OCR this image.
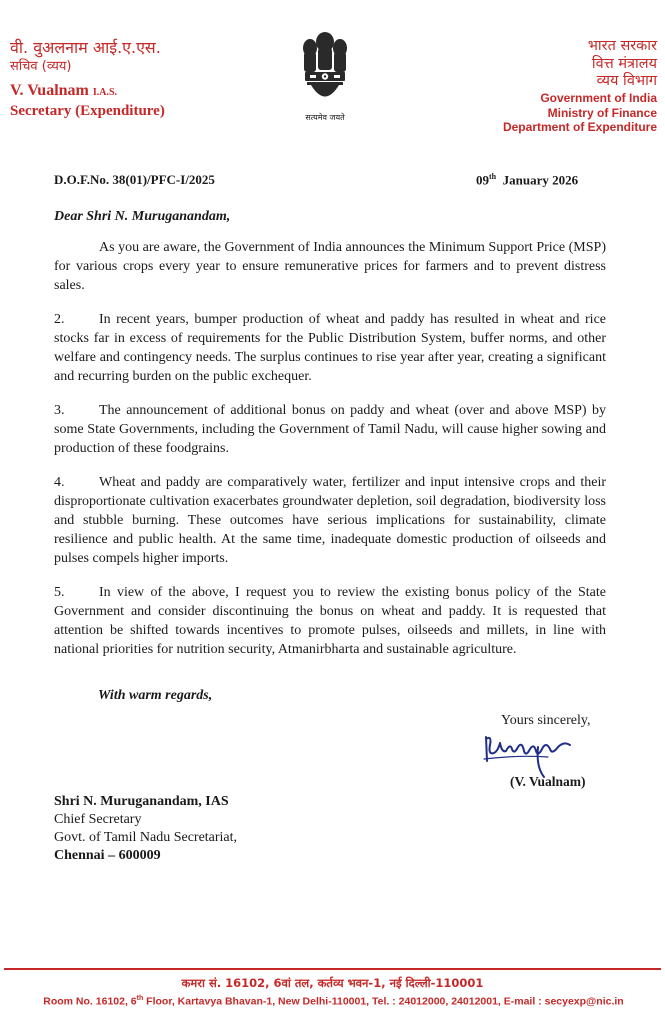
वी. वुअलनाम आई.ए.एस.
सचिव (व्यय)
V. Vualnam I.A.S.
Secretary (Expenditure)	सत्यमेव जयते
भारत सरकार
वित्त मंत्रालय
व्यय विभाग
Government of India
Ministry of Finance
Department of Expenditure
D.O.F.No. 38(01)/PFC-I/2025	09th January 2026
Dear Shri N. Muruganandam,

As you are aware, the Government of India announces the Minimum Support Price (MSP) for various crops every year to ensure remunerative prices for farmers and to prevent distress sales.

2. In recent years, bumper production of wheat and paddy has resulted in wheat and rice stocks far in excess of requirements for the Public Distribution System, buffer norms, and other welfare and contingency needs. The surplus continues to rise year after year, creating a significant and recurring burden on the public exchequer.

3. The announcement of additional bonus on paddy and wheat (over and above MSP) by some State Governments, including the Government of Tamil Nadu, will cause higher sowing and production of these foodgrains.

4. Wheat and paddy are comparatively water, fertilizer and input intensive crops and their disproportionate cultivation exacerbates groundwater depletion, soil degradation, biodiversity loss and stubble burning. These outcomes have serious implications for sustainability, climate resilience and public health. At the same time, inadequate domestic production of oilseeds and pulses compels higher imports.

5. In view of the above, I request you to review the existing bonus policy of the State Government and consider discontinuing the bonus on wheat and paddy. It is requested that attention be shifted towards incentives to promote pulses, oilseeds and millets, in line with national priorities for nutrition security, Atmanirbharta and sustainable agriculture.

With warm regards,
Yours sincerely,
(V. Vualnam)
Shri N. Muruganandam, IAS
Chief Secretary
Govt. of Tamil Nadu Secretariat,
Chennai – 600009
कमरा सं. 16102, 6वां तल, कर्तव्य भवन-1, नई दिल्ली-110001
Room No. 16102, 6th Floor, Kartavya Bhavan-1, New Delhi-110001, Tel. : 24012000, 24012001, E-mail : secyexp@nic.in
